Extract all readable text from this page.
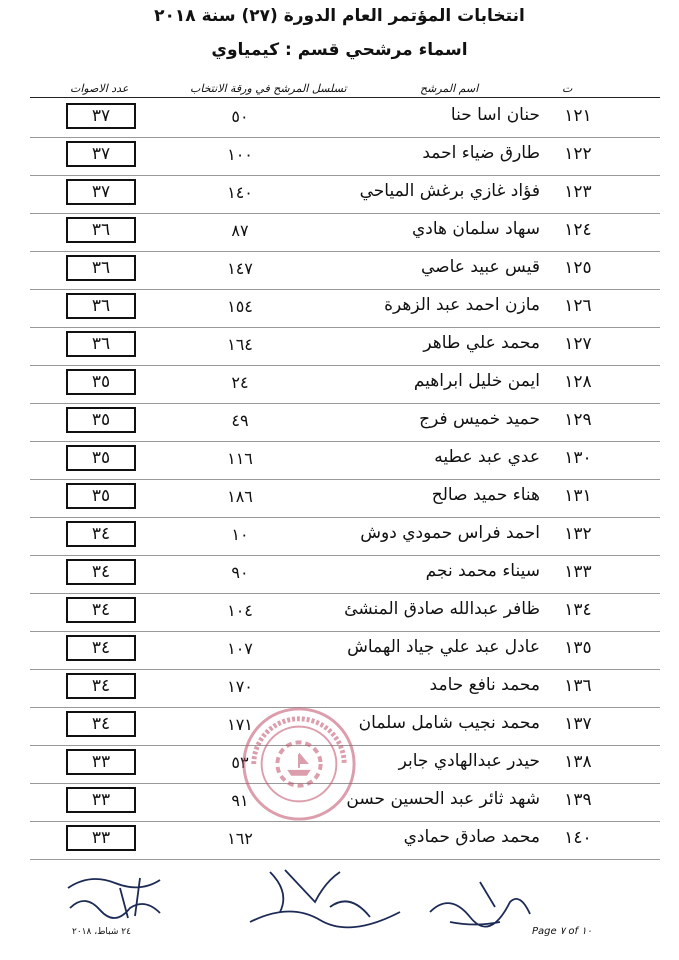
انتخابات المؤتمر العام الدورة (٢٧) سنة ٢٠١٨
اسماء مرشحي قسم : كيمياوي
ت
اسم المرشح
تسلسل المرشح في ورقة الانتخاب
عدد الاصوات
١٢١
حنان اسا حنا
٥٠
٣٧
١٢٢
طارق ضياء احمد
١٠٠
٣٧
١٢٣
فؤاد غازي برغش المياحي
١٤٠
٣٧
١٢٤
سهاد سلمان هادي
٨٧
٣٦
١٢٥
قيس عبيد عاصي
١٤٧
٣٦
١٢٦
مازن احمد عبد الزهرة
١٥٤
٣٦
١٢٧
محمد علي طاهر
١٦٤
٣٦
١٢٨
ايمن خليل ابراهيم
٢٤
٣٥
١٢٩
حميد خميس فرج
٤٩
٣٥
١٣٠
عدي عبد عطيه
١١٦
٣٥
١٣١
هناء حميد صالح
١٨٦
٣٥
١٣٢
احمد فراس حمودي دوش
١٠
٣٤
١٣٣
سيناء محمد نجم
٩٠
٣٤
١٣٤
ظافر عبدالله صادق المنشئ
١٠٤
٣٤
١٣٥
عادل عبد علي جياد الهماش
١٠٧
٣٤
١٣٦
محمد نافع حامد
١٧٠
٣٤
١٣٧
محمد نجيب شامل سلمان
١٧١
٣٤
١٣٨
حيدر عبدالهادي جابر
٥٣
٣٣
١٣٩
شهد ثائر عبد الحسين حسن
٩١
٣٣
١٤٠
محمد صادق حمادي
١٦٢
٣٣
Page ٧ of ١٠
٢٤ شباط، ٢٠١٨
